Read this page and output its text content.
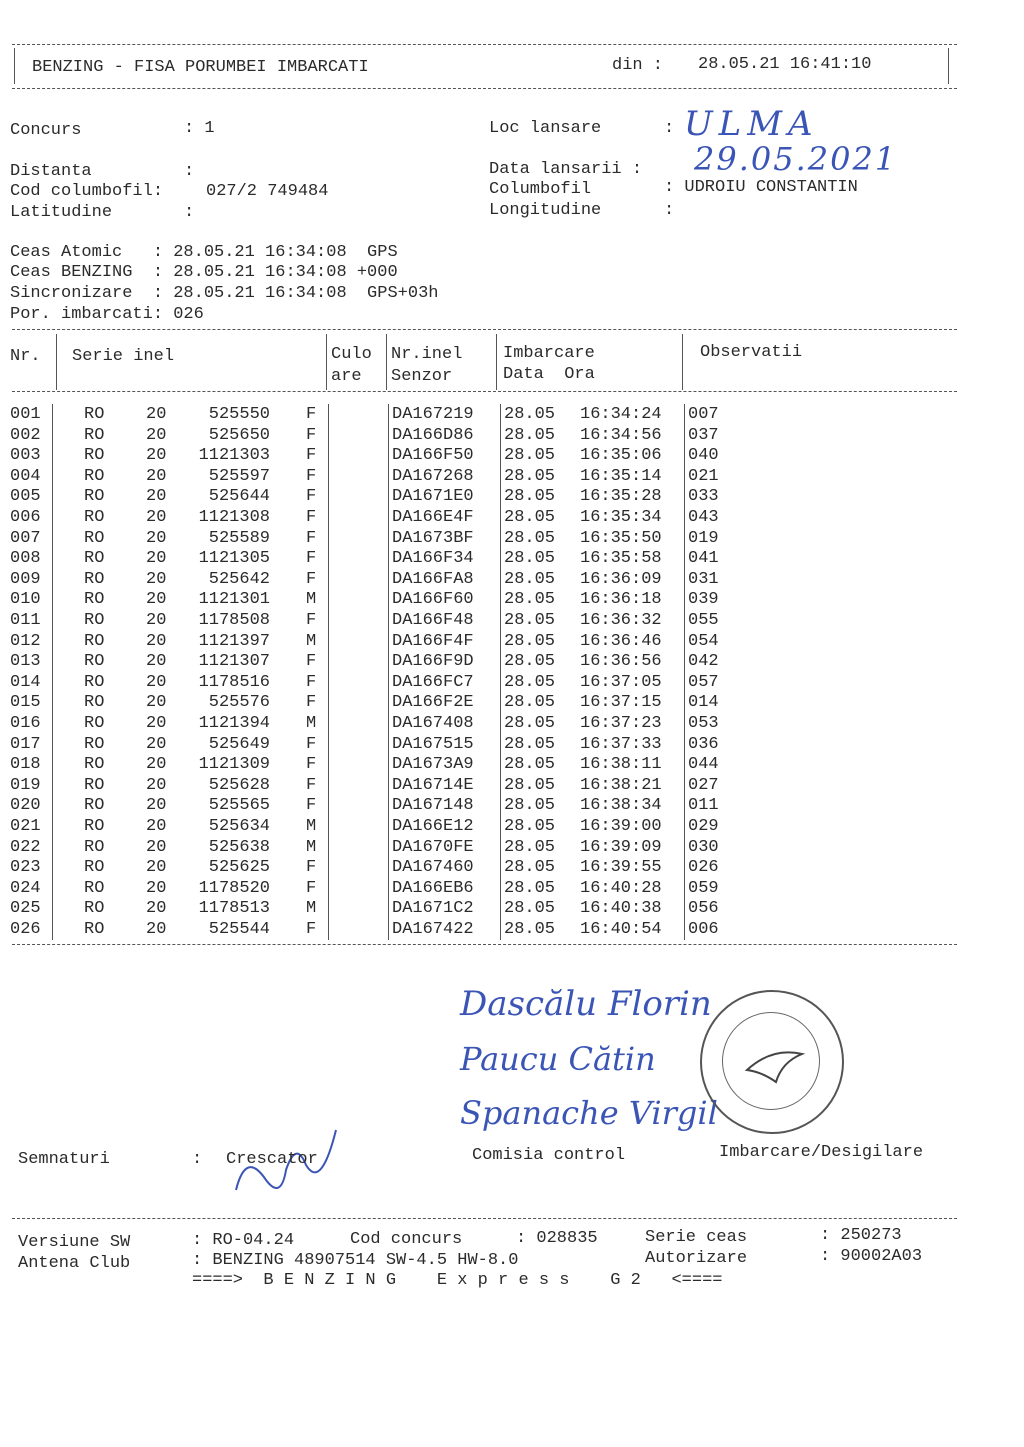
BENZING - FISA PORUMBEI IMBARCATI	din : 28.05.21 16:41:10
Concurs	: 1	Loc lansare	: ULMA
Distanta	:	Data lansarii : 29.05.2021
Cod columbofil:	027/2 749484	Columbofil	: UDROIU CONSTANTIN
Latitudine	:	Longitudine	:
Ceas Atomic   : 28.05.21 16:34:08  GPS
Ceas BENZING  : 28.05.21 16:34:08 +000
Sincronizare  : 28.05.21 16:34:08  GPS+03h
Por. imbarcati: 026
Nr. Serie inel	Culo
are
Nr.inel
Senzor
Imbarcare
Data  Ora
Observatii
001	RO 20	525550 F	DA167219 28.05 16:34:24 007
002	RO 20	525650 F	DA166D86 28.05 16:34:56 037
003	RO 20	1121303 F	DA166F50 28.05 16:35:06 040
004	RO 20	525597 F	DA167268 28.05 16:35:14 021
005	RO 20	525644 F	DA1671E0 28.05 16:35:28 033
006	RO 20	1121308 F	DA166E4F 28.05 16:35:34 043
007	RO 20	525589 F	DA1673BF 28.05 16:35:50 019
008	RO 20	1121305 F	DA166F34 28.05 16:35:58 041
009	RO 20	525642 F	DA166FA8 28.05 16:36:09 031
010	RO 20	1121301 M	DA166F60 28.05 16:36:18 039
011	RO 20	1178508 F	DA166F48 28.05 16:36:32 055
012	RO 20	1121397 M	DA166F4F 28.05 16:36:46 054
013	RO 20	1121307 F	DA166F9D 28.05 16:36:56 042
014	RO 20	1178516 F	DA166FC7 28.05 16:37:05 057
015	RO 20	525576 F	DA166F2E 28.05 16:37:15 014
016	RO 20	1121394 M	DA167408 28.05 16:37:23 053
017	RO 20	525649 F	DA167515 28.05 16:37:33 036
018	RO 20	1121309 F	DA1673A9 28.05 16:38:11 044
019	RO 20	525628 F	DA16714E 28.05 16:38:21 027
020	RO 20	525565 F	DA167148 28.05 16:38:34 011
021	RO 20	525634 M	DA166E12 28.05 16:39:00 029
022	RO 20	525638 M	DA1670FE 28.05 16:39:09 030
023	RO 20	525625 F	DA167460 28.05 16:39:55 026
024	RO 20	1178520 F	DA166EB6 28.05 16:40:28 059
025	RO 20	1178513 M	DA1671C2 28.05 16:40:38 056
026	RO 20	525544 F	DA167422 28.05 16:40:54 006
Dascălu Florin
Paucu Cătin
Spanache Virgil
Semnaturi	: Crescator	Comisia control	Imbarcare/Desigilare
Versiune SW	: RO-04.24	Cod concurs	: 028835	Serie ceas	: 250273
Antena Club	: BENZING 48907514 SW-4.5 HW-8.0	Autorizare	: 90002A03
====>  B E N Z I N G    E x p r e s s    G 2   <====
